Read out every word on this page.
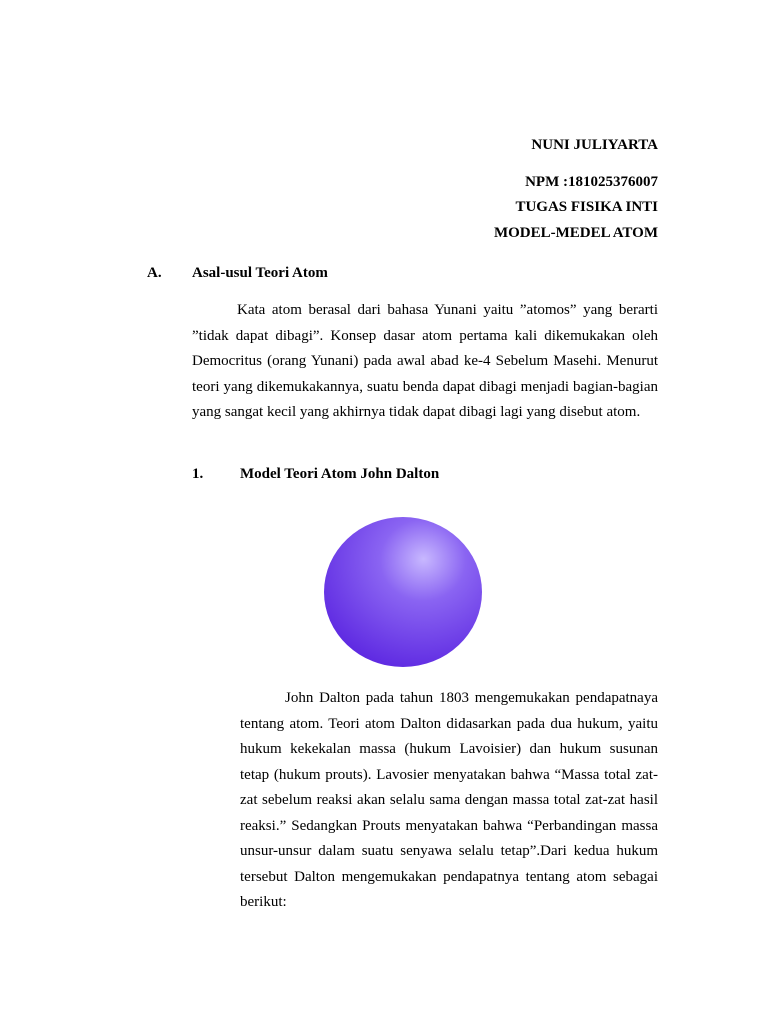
NUNI JULIYARTA
NPM :181025376007
TUGAS FISIKA INTI
MODEL-MEDEL ATOM
A. Asal-usul Teori Atom

Kata atom berasal dari bahasa Yunani yaitu ”atomos” yang berarti ”tidak dapat dibagi”. Konsep dasar atom pertama kali dikemukakan oleh Democritus (orang Yunani) pada awal abad ke-4 Sebelum Masehi. Menurut teori yang dikemukakannya, suatu benda dapat dibagi menjadi bagian-bagian yang sangat kecil yang akhirnya tidak dapat dibagi lagi yang disebut atom.

1. Model Teori Atom John Dalton

John Dalton pada tahun 1803 mengemukakan pendapatnaya tentang atom. Teori atom Dalton didasarkan pada dua hukum, yaitu hukum kekekalan massa (hukum Lavoisier) dan hukum susunan tetap (hukum prouts). Lavosier menyatakan bahwa “Massa total zat-zat sebelum reaksi akan selalu sama dengan massa total zat-zat hasil reaksi.” Sedangkan Prouts menyatakan bahwa “Perbandingan massa unsur-unsur dalam suatu senyawa selalu tetap”.Dari kedua hukum tersebut Dalton mengemukakan pendapatnya tentang atom sebagai berikut:
